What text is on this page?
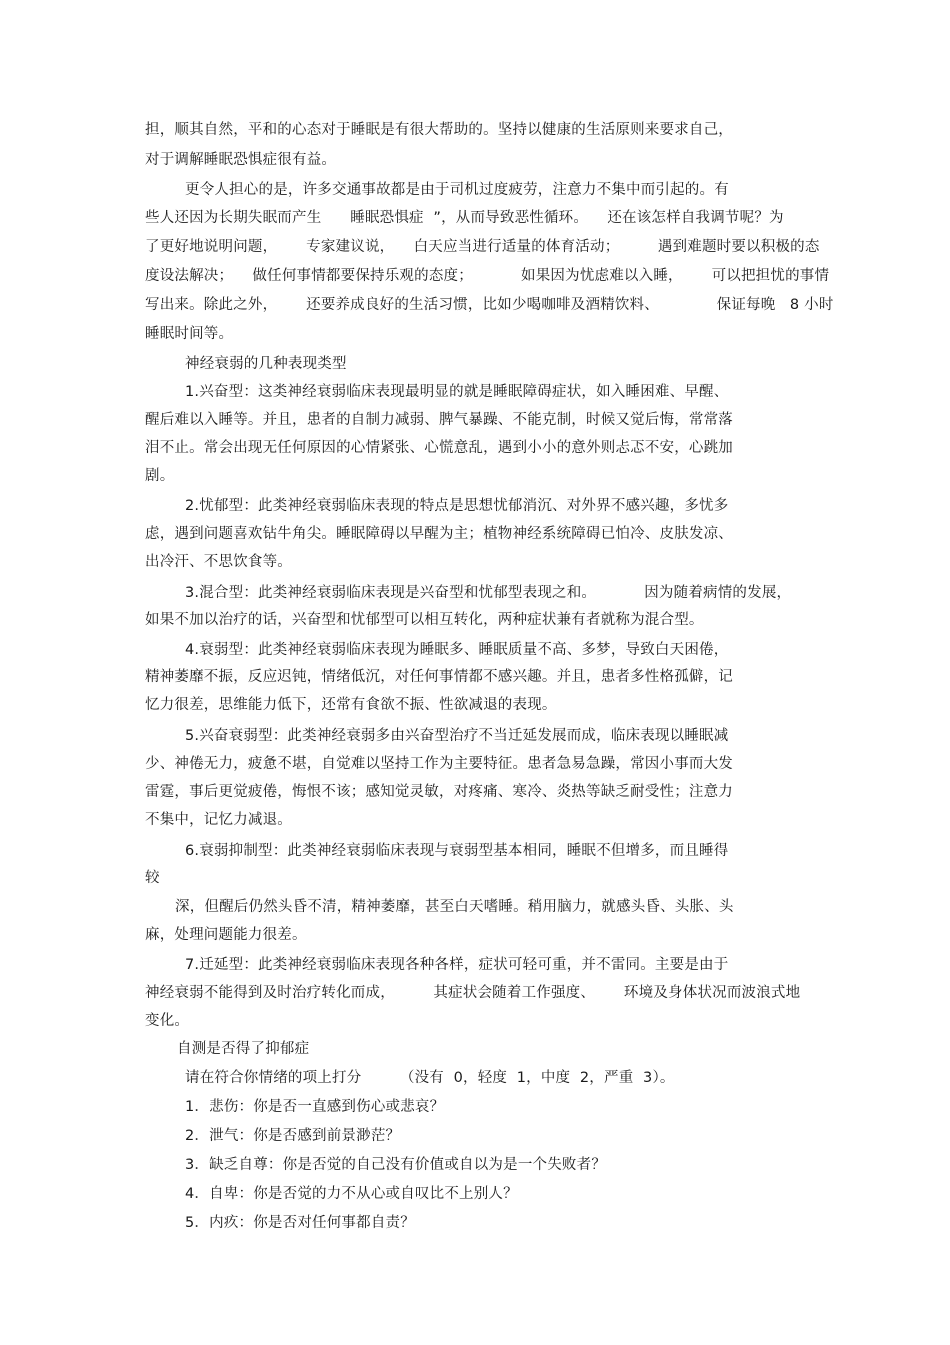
担，顺其自然，平和的心态对于睡眠是有很大帮助的。坚持以健康的生活原则来要求自己，
对于调解睡眠恐惧症很有益。
更令人担心的是，许多交通事故都是由于司机过度疲劳，注意力不集中而引起的。有
些人还因为长期失眠而产生      睡眠恐惧症  ”，从而导致恶性循环。    还在该怎样自我调节呢？为
了更好地说明问题，      专家建议说，    白天应当进行适量的体育活动；        遇到难题时要以积极的态
度设法解决；    做任何事情都要保持乐观的态度；          如果因为忧虑难以入睡，      可以把担忧的事情
写出来。除此之外，      还要养成良好的生活习惯，比如少喝咖啡及酒精饮料、            保证每晚   8 小时
睡眠时间等。
神经衰弱的几种表现类型
1.兴奋型：这类神经衰弱临床表现最明显的就是睡眠障碍症状，如入睡困难、早醒、
醒后难以入睡等。并且，患者的自制力减弱、脾气暴躁、不能克制，时候又觉后悔，常常落
泪不止。常会出现无任何原因的心情紧张、心慌意乱，遇到小小的意外则忐忑不安，心跳加
剧。
2.忧郁型：此类神经衰弱临床表现的特点是思想忧郁消沉、对外界不感兴趣，多忧多
虑，遇到问题喜欢钻牛角尖。睡眠障碍以早醒为主；植物神经系统障碍已怕冷、皮肤发凉、
出冷汗、不思饮食等。
3.混合型：此类神经衰弱临床表现是兴奋型和忧郁型表现之和。          因为随着病情的发展，
如果不加以治疗的话，兴奋型和忧郁型可以相互转化，两种症状兼有者就称为混合型。
4.衰弱型：此类神经衰弱临床表现为睡眠多、睡眠质量不高、多梦，导致白天困倦，
精神萎靡不振，反应迟钝，情绪低沉，对任何事情都不感兴趣。并且，患者多性格孤僻，记
忆力很差，思维能力低下，还常有食欲不振、性欲减退的表现。
5.兴奋衰弱型：此类神经衰弱多由兴奋型治疗不当迁延发展而成，临床表现以睡眠减
少、神倦无力，疲惫不堪，自觉难以坚持工作为主要特征。患者急易急躁，常因小事而大发
雷霆，事后更觉疲倦，悔恨不该；感知觉灵敏，对疼痛、寒冷、炎热等缺乏耐受性；注意力
不集中，记忆力减退。
6.衰弱抑制型：此类神经衰弱临床表现与衰弱型基本相同，睡眠不但增多，而且睡得
较
深，但醒后仍然头昏不清，精神萎靡，甚至白天嗜睡。稍用脑力，就感头昏、头胀、头
麻，处理问题能力很差。
7.迁延型：此类神经衰弱临床表现各种各样，症状可轻可重，并不雷同。主要是由于
神经衰弱不能得到及时治疗转化而成，        其症状会随着工作强度、      环境及身体状况而波浪式地
变化。
自测是否得了抑郁症
请在符合你情绪的项上打分        （没有  0，轻度  1，中度  2，严重  3）。
1．悲伤：你是否一直感到伤心或悲哀？
2．泄气：你是否感到前景渺茫？
3．缺乏自尊：你是否觉的自己没有价值或自以为是一个失败者？
4．自卑：你是否觉的力不从心或自叹比不上别人？
5．内疚：你是否对任何事都自责？
